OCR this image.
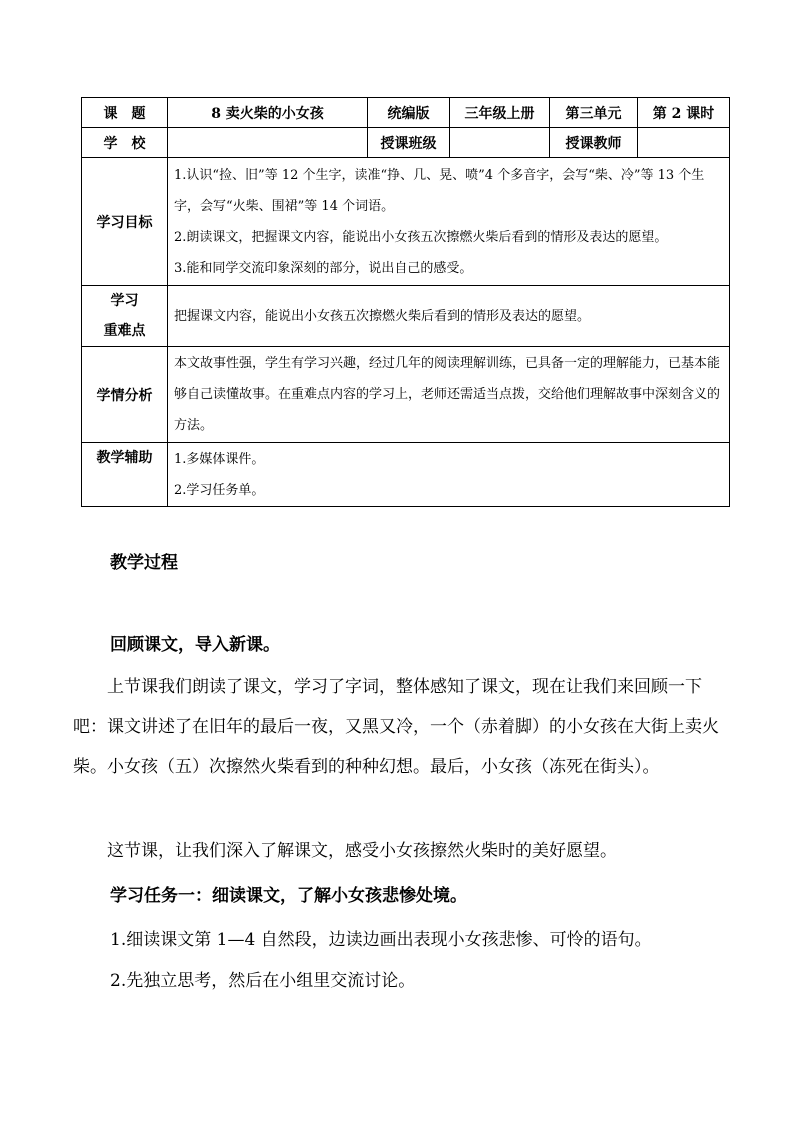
课　题	8 卖火柴的小女孩	统编版	三年级上册	第三单元	第 2 课时
学　校		授课班级		授课教师	
学习目标	1.认识“捡、旧”等 12 个生字，读准“挣、几、晃、喷”4 个多音字，会写“柴、冷”等 13 个生字，会写“火柴、围裙”等 14 个词语。

2.朗读课文，把握课文内容，能说出小女孩五次擦燃火柴后看到的情形及表达的愿望。

3.能和同学交流印象深刻的部分，说出自己的感受。				

学习
重难点	把握课文内容，能说出小女孩五次擦燃火柴后看到的情形及表达的愿望。				
学情分析	本文故事性强，学生有学习兴趣，经过几年的阅读理解训练，已具备一定的理解能力，已基本能够自己读懂故事。在重难点内容的学习上，老师还需适当点拨，交给他们理解故事中深刻含义的方法。				
教学辅助	1.多媒体课件。

2.学习任务单。				

教学过程
回顾课文，导入新课。

上节课我们朗读了课文，学习了字词，整体感知了课文，现在让我们来回顾一下吧：课文讲述了在旧年的最后一夜，又黑又冷，一个（赤着脚）的小女孩在大街上卖火柴。小女孩（五）次擦然火柴看到的种种幻想。最后，小女孩（冻死在街头）。

这节课，让我们深入了解课文，感受小女孩擦然火柴时的美好愿望。

学习任务一：细读课文，了解小女孩悲惨处境。
1.细读课文第 1—4 自然段，边读边画出表现小女孩悲惨、可怜的语句。
2.先独立思考，然后在小组里交流讨论。
